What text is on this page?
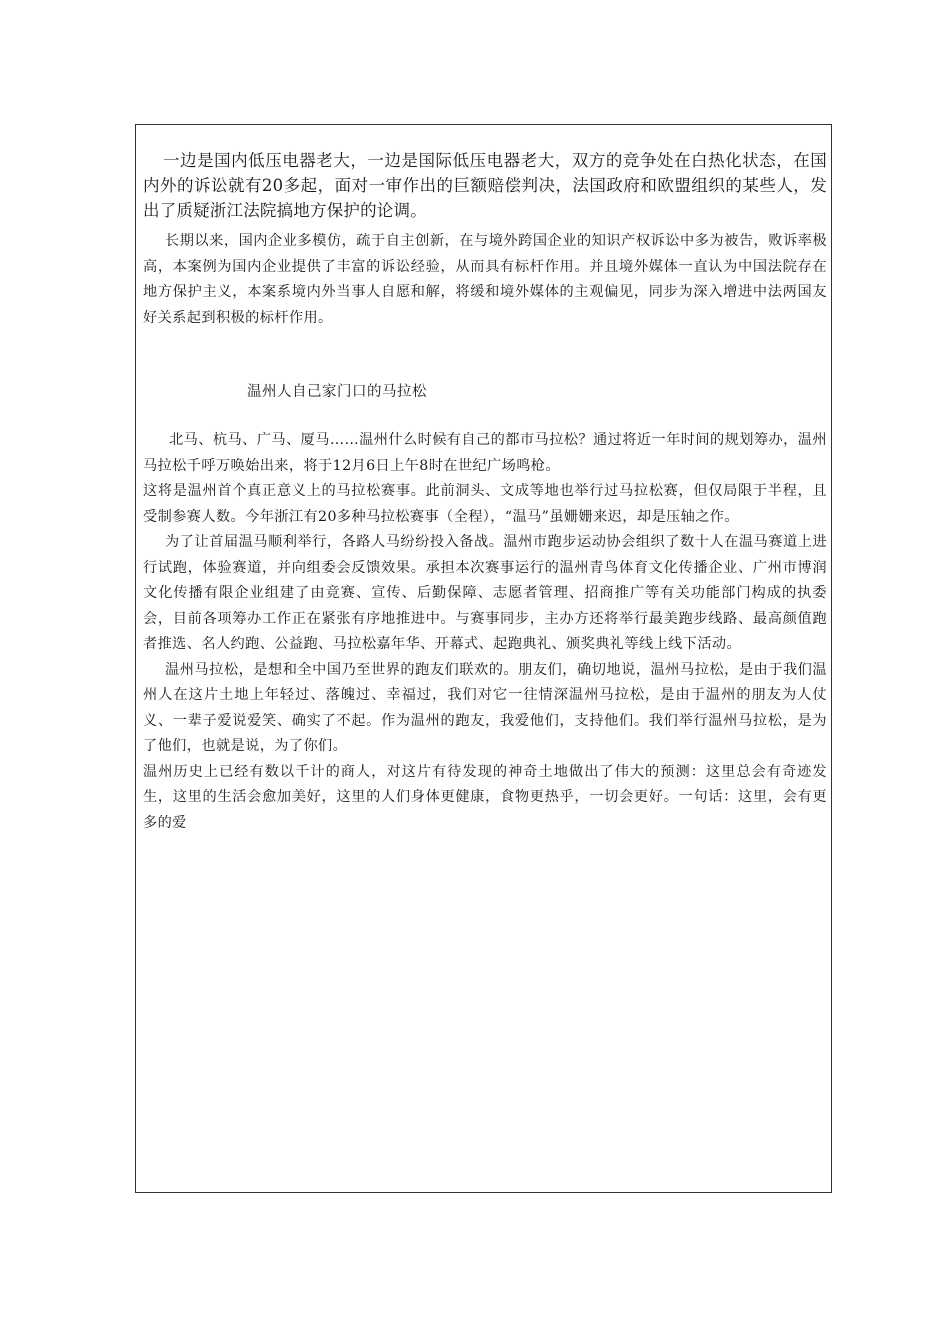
一边是国内低压电器老大，一边是国际低压电器老大，双方的竞争处在白热化状态，在国内外的诉讼就有20多起，面对一审作出的巨额赔偿判决，法国政府和欧盟组织的某些人，发出了质疑浙江法院搞地方保护的论调。

长期以来，国内企业多模仿，疏于自主创新，在与境外跨国企业的知识产权诉讼中多为被告，败诉率极高，本案例为国内企业提供了丰富的诉讼经验，从而具有标杆作用。并且境外媒体一直认为中国法院存在地方保护主义，本案系境内外当事人自愿和解，将缓和境外媒体的主观偏见，同步为深入增进中法两国友好关系起到积极的标杆作用。

温州人自己家门口的马拉松

北马、杭马、广马、厦马……温州什么时候有自己的都市马拉松？通过将近一年时间的规划筹办，温州马拉松千呼万唤始出来，将于12月6日上午8时在世纪广场鸣枪。

这将是温州首个真正意义上的马拉松赛事。此前洞头、文成等地也举行过马拉松赛，但仅局限于半程，且受制参赛人数。今年浙江有20多种马拉松赛事（全程），“温马”虽姗姗来迟，却是压轴之作。

为了让首届温马顺利举行，各路人马纷纷投入备战。温州市跑步运动协会组织了数十人在温马赛道上进行试跑，体验赛道，并向组委会反馈效果。承担本次赛事运行的温州青鸟体育文化传播企业、广州市博润文化传播有限企业组建了由竞赛、宣传、后勤保障、志愿者管理、招商推广等有关功能部门构成的执委会，目前各项筹办工作正在紧张有序地推进中。与赛事同步，主办方还将举行最美跑步线路、最高颜值跑者推选、名人约跑、公益跑、马拉松嘉年华、开幕式、起跑典礼、颁奖典礼等线上线下活动。

温州马拉松，是想和全中国乃至世界的跑友们联欢的。朋友们，确切地说，温州马拉松，是由于我们温州人在这片土地上年轻过、落魄过、幸福过，我们对它一往情深温州马拉松，是由于温州的朋友为人仗义、一辈子爱说爱笑、确实了不起。作为温州的跑友，我爱他们，支持他们。我们举行温州马拉松，是为了他们，也就是说，为了你们。

温州历史上已经有数以千计的商人，对这片有待发现的神奇土地做出了伟大的预测：这里总会有奇迹发生，这里的生活会愈加美好，这里的人们身体更健康，食物更热乎，一切会更好。一句话：这里，会有更多的爱
